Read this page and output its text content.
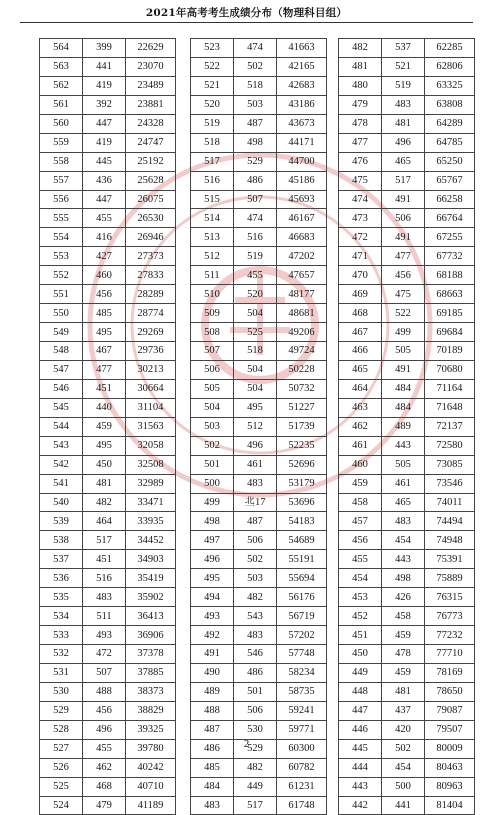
2021年高考考生成绩分布（物理科目组）
564	399	22629
563	441	23070
562	419	23489
561	392	23881
560	447	24328
559	419	24747
558	445	25192
557	436	25628
556	447	26075
555	455	26530
554	416	26946
553	427	27373
552	460	27833
551	456	28289
550	485	28774
549	495	29269
548	467	29736
547	477	30213
546	451	30664
545	440	31104
544	459	31563
543	495	32058
542	450	32508
541	481	32989
540	482	33471
539	464	33935
538	517	34452
537	451	34903
536	516	35419
535	483	35902
534	511	36413
533	493	36906
532	472	37378
531	507	37885
530	488	38373
529	456	38829
528	496	39325
527	455	39780
526	462	40242
525	468	40710
524	479	41189
523	474	41663
522	502	42165
521	518	42683
520	503	43186
519	487	43673
518	498	44171
517	529	44700
516	486	45186
515	507	45693
514	474	46167
513	516	46683
512	519	47202
511	455	47657
510	520	48177
509	504	48681
508	525	49206
507	518	49724
506	504	50228
505	504	50732
504	495	51227
503	512	51739
502	496	52235
501	461	52696
500	483	53179
499	丠17	53696
498	487	54183
497	506	54689
496	502	55191
495	503	55694
494	482	56176
493	543	56719
492	483	57202
491	546	57748
490	486	58234
489	501	58735
488	506	59241
487	530	59771
486	529	60300
485	482	60782
484	449	61231
483	517	61748
482	537	62285
481	521	62806
480	519	63325
479	483	63808
478	481	64289
477	496	64785
476	465	65250
475	517	65767
474	491	66258
473	506	66764
472	491	67255
471	477	67732
470	456	68188
469	475	68663
468	522	69185
467	499	69684
466	505	70189
465	491	70680
464	484	71164
463	484	71648
462	489	72137
461	443	72580
460	505	73085
459	461	73546
458	465	74011
457	483	74494
456	454	74948
455	443	75391
454	498	75889
453	426	76315
452	458	76773
451	459	77232
450	478	77710
449	459	78169
448	481	78650
447	437	79087
446	420	79507
445	502	80009
444	454	80463
443	500	80963
442	441	81404
2
